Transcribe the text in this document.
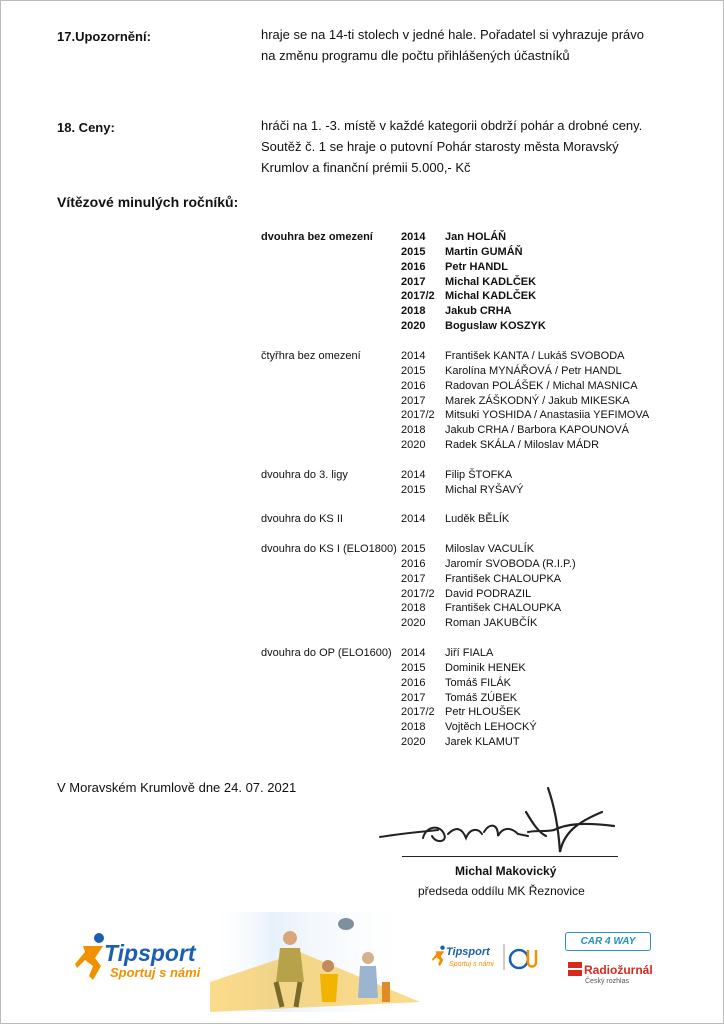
17.Upozornění:	hraje se na 14-ti stolech v jedné hale. Pořadatel si vyhrazuje právo na změnu programu dle počtu přihlášených účastníků
18. Ceny:	hráči na 1. -3. místě v každé kategorii obdrží pohár a drobné ceny. Soutěž č. 1 se hraje o putovní Pohár starosty města Moravský Krumlov a finanční prémii 5.000,- Kč
Vítězové minulých ročníků:
dvouhra bez omezení	2014 Jan HOLÁŇ
2015 Martin GUMÁŇ
2016 Petr HANDL
2017 Michal KADLČEK
2017/2 Michal KADLČEK
2018 Jakub CRHA
2020 Boguslaw KOSZYK
čtyřhra bez omezení	2014 František KANTA / Lukáš SVOBODA
2015 Karolína MYNÁŘOVÁ / Petr HANDL
2016 Radovan POLÁŠEK / Michal MASNICA
2017 Marek ZÁŠKODNÝ / Jakub MIKESKA
2017/2 Mitsuki YOSHIDA / Anastasiia YEFIMOVA
2018 Jakub CRHA / Barbora KAPOUNOVÁ
2020 Radek SKÁLA / Miloslav MÁDR
dvouhra do 3. ligy	2014 Filip ŠTOFKA
2015 Michal RYŠAVÝ
dvouhra do KS II	2014 Luděk BĚLÍK
dvouhra do KS I (ELO1800) 2015 Miloslav VACULÍK
2016 Jaromír SVOBODA (R.I.P.)
2017 František CHALOUPKA
2017/2 David PODRAZIL
2018 František CHALOUPKA
2020 Roman JAKUBČÍK
dvouhra do OP (ELO1600) 2014 Jiří FIALA
2015 Dominik HENEK
2016 Tomáš FILÁK
2017 Tomáš ZÚBEK
2017/2 Petr HLOUŠEK
2018 Vojtěch LEHOCKÝ
2020 Jarek KLAMUT
V Moravském Krumlově dne 24. 07. 2021
Michal Makovický
předseda oddílu MK Řeznovice
Tipsport
Sportuj s námi
Tipsport
Sportuj s námi
CAR 4 WAY
Radiožurnál
Český rozhlas
